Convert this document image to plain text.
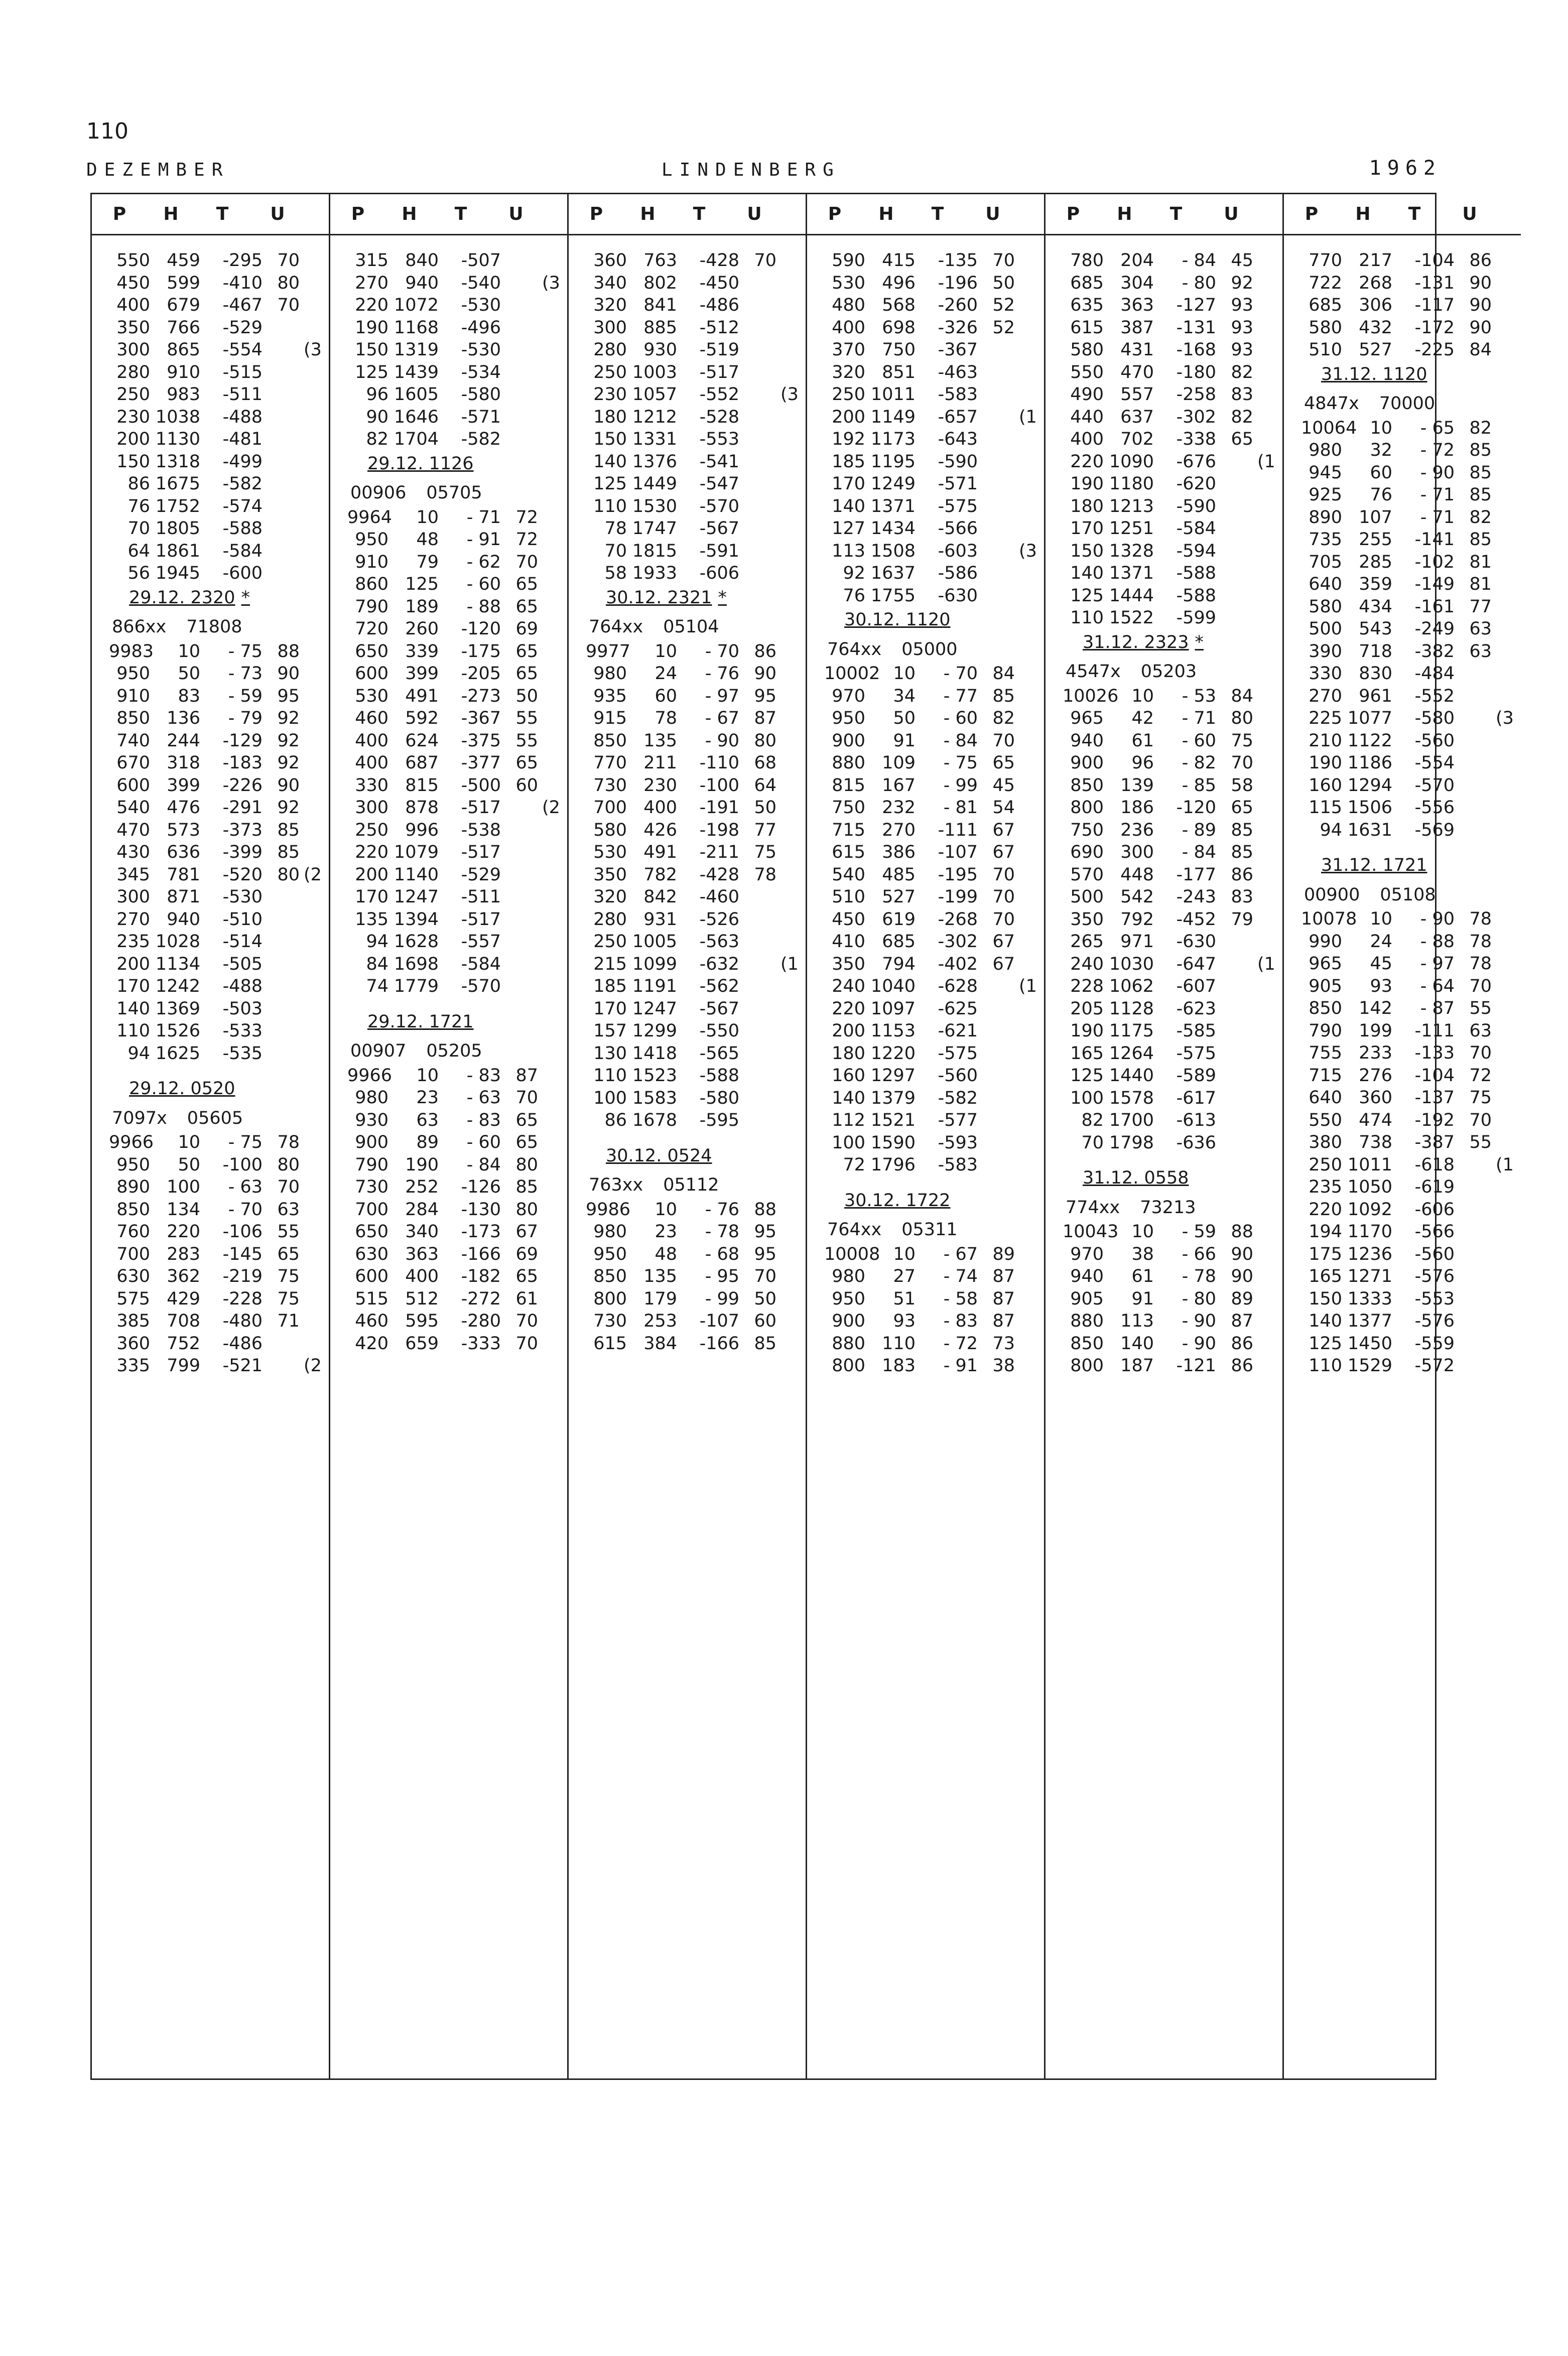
110
DEZEMBER	LINDENBERG	1962
P	H	T	U
550 459	-295 70
450 599	-410 80
400 679	-467 70
350 766	-529
300 865	-554 (3
280 910	-515
250 983	-511
230 1038	-488
200 1130	-481
150 1318	-499
86 1675	-582
76 1752	-574
70 1805	-588
64 1861	-584
56 1945	-600
29.12. 2320 *
866xx 71808
9983	10	- 75 88
950	50	- 73 90
910	83	- 59 95
850 136	- 79 92
740 244	-129 92
670 318	-183 92
600 399	-226 90
540 476	-291 92
470 573	-373 85
430 636	-399 85
345 781	-520 80 (2
300 871	-530
270 940	-510
235 1028	-514
200 1134	-505
170 1242	-488
140 1369	-503
110 1526	-533
94 1625	-535
29.12. 0520
7097x 05605
9966	10	- 75 78
950	50	-100 80
890 100	- 63 70
850 134	- 70 63
760 220	-106 55
700 283	-145 65
630 362	-219 75
575 429	-228 75
385 708	-480 71
360 752	-486
335 799	-521 (2
P	H	T	U
315 840	-507
270 940	-540 (3
220 1072	-530
190 1168	-496
150 1319	-530
125 1439	-534
96 1605	-580
90 1646	-571
82 1704	-582
29.12. 1126
00906 05705
9964	10	- 71 72
950	48	- 91 72
910	79	- 62 70
860 125	- 60 65
790 189	- 88 65
720 260	-120 69
650 339	-175 65
600 399	-205 65
530 491	-273 50
460 592	-367 55
400 624	-375 55
400 687	-377 65
330 815	-500 60
300 878	-517 (2
250 996	-538
220 1079	-517
200 1140	-529
170 1247	-511
135 1394	-517
94 1628	-557
84 1698	-584
74 1779	-570
29.12. 1721
00907 05205
9966	10	- 83 87
980	23	- 63 70
930	63	- 83 65
900	89	- 60 65
790 190	- 84 80
730 252	-126 85
700 284	-130 80
650 340	-173 67
630 363	-166 69
600 400	-182 65
515 512	-272 61
460 595	-280 70
420 659	-333 70
P	H	T	U
360 763	-428 70
340 802	-450
320 841	-486
300 885	-512
280 930	-519
250 1003	-517
230 1057	-552 (3
180 1212	-528
150 1331	-553
140 1376	-541
125 1449	-547
110 1530	-570
78 1747	-567
70 1815	-591
58 1933	-606
30.12. 2321 *
764xx 05104
9977	10	- 70 86
980	24	- 76 90
935	60	- 97 95
915	78	- 67 87
850 135	- 90 80
770 211	-110 68
730 230	-100 64
700 400	-191 50
580 426	-198 77
530 491	-211 75
350 782	-428 78
320 842	-460
280 931	-526
250 1005	-563
215 1099	-632 (1
185 1191	-562
170 1247	-567
157 1299	-550
130 1418	-565
110 1523	-588
100 1583	-580
86 1678	-595
30.12. 0524
763xx 05112
9986	10	- 76 88
980	23	- 78 95
950	48	- 68 95
850 135	- 95 70
800 179	- 99 50
730 253	-107 60
615 384	-166 85
P	H	T	U
590 415	-135 70
530 496	-196 50
480 568	-260 52
400 698	-326 52
370 750	-367
320 851	-463
250 1011	-583
200 1149	-657 (1
192 1173	-643
185 1195	-590
170 1249	-571
140 1371	-575
127 1434	-566
113 1508	-603 (3
92 1637	-586
76 1755	-630
30.12. 1120
764xx 05000
10002 10	- 70 84
970	34	- 77 85
950	50	- 60 82
900	91	- 84 70
880 109	- 75 65
815 167	- 99 45
750 232	- 81 54
715 270	-111 67
615 386	-107 67
540 485	-195 70
510 527	-199 70
450 619	-268 70
410 685	-302 67
350 794	-402 67
240 1040	-628 (1
220 1097	-625
200 1153	-621
180 1220	-575
160 1297	-560
140 1379	-582
112 1521	-577
100 1590	-593
72 1796	-583
30.12. 1722
764xx 05311
10008 10	- 67 89
980	27	- 74 87
950	51	- 58 87
900	93	- 83 87
880 110	- 72 73
800 183	- 91 38
P	H	T	U
780 204	- 84 45
685 304	- 80 92
635 363	-127 93
615 387	-131 93
580 431	-168 93
550 470	-180 82
490 557	-258 83
440 637	-302 82
400 702	-338 65
220 1090	-676 (1
190 1180	-620
180 1213	-590
170 1251	-584
150 1328	-594
140 1371	-588
125 1444	-588
110 1522	-599
31.12. 2323 *
4547x 05203
10026 10	- 53 84
965	42	- 71 80
940	61	- 60 75
900	96	- 82 70
850 139	- 85 58
800 186	-120 65
750 236	- 89 85
690 300	- 84 85
570 448	-177 86
500 542	-243 83
350 792	-452 79
265 971	-630
240 1030	-647 (1
228 1062	-607
205 1128	-623
190 1175	-585
165 1264	-575
125 1440	-589
100 1578	-617
82 1700	-613
70 1798	-636
31.12. 0558
774xx 73213
10043 10	- 59 88
970	38	- 66 90
940	61	- 78 90
905	91	- 80 89
880 113	- 90 87
850 140	- 90 86
800 187	-121 86
P	H	T	U
770 217	-104 86
722 268	-131 90
685 306	-117 90
580 432	-172 90
510 527	-225 84
31.12. 1120
4847x 70000
10064 10	- 65 82
980	32	- 72 85
945	60	- 90 85
925	76	- 71 85
890 107	- 71 82
735 255	-141 85
705 285	-102 81
640 359	-149 81
580 434	-161 77
500 543	-249 63
390 718	-382 63
330 830	-484
270 961	-552
225 1077	-580 (3
210 1122	-560
190 1186	-554
160 1294	-570
115 1506	-556
94 1631	-569
31.12. 1721
00900 05108
10078 10	- 90 78
990	24	- 88 78
965	45	- 97 78
905	93	- 64 70
850 142	- 87 55
790 199	-111 63
755 233	-133 70
715 276	-104 72
640 360	-137 75
550 474	-192 70
380 738	-387 55
250 1011	-618 (1
235 1050	-619
220 1092	-606
194 1170	-566
175 1236	-560
165 1271	-576
150 1333	-553
140 1377	-576
125 1450	-559
110 1529	-572
